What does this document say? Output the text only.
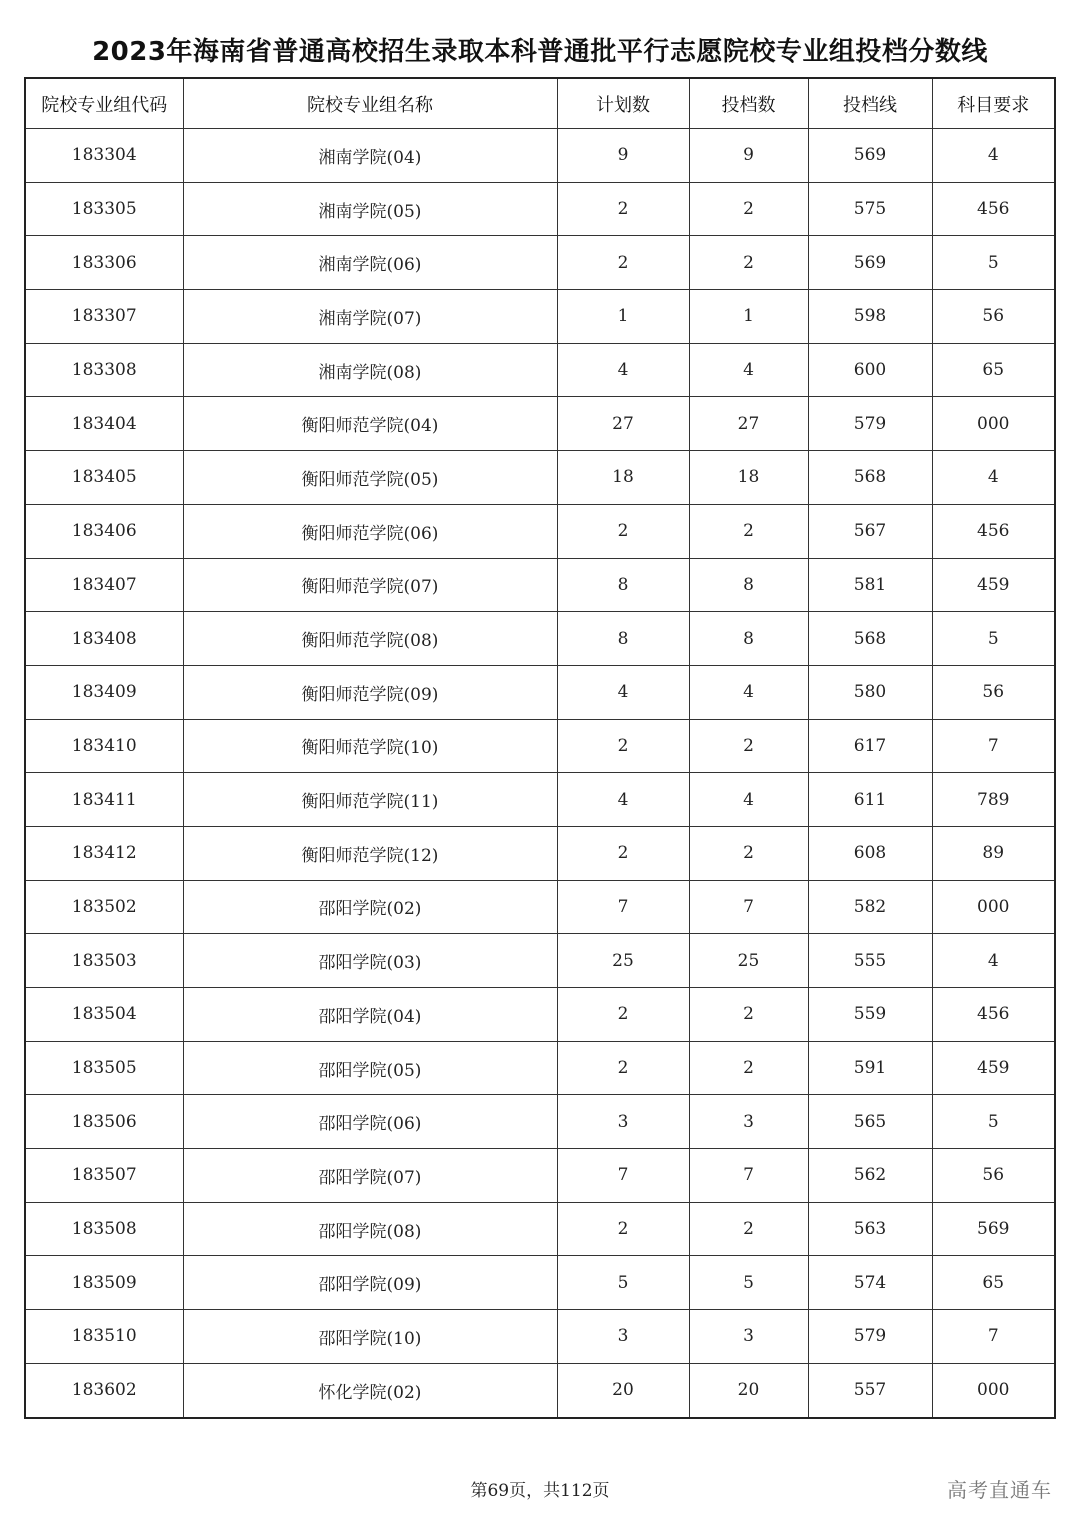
2023年海南省普通高校招生录取本科普通批平行志愿院校专业组投档分数线
院校专业组代码	院校专业组名称	计划数	投档数	投档线	科目要求
183304	湘南学院(04)	9	9	569	4
183305	湘南学院(05)	2	2	575	456
183306	湘南学院(06)	2	2	569	5
183307	湘南学院(07)	1	1	598	56
183308	湘南学院(08)	4	4	600	65
183404	衡阳师范学院(04)	27	27	579	000
183405	衡阳师范学院(05)	18	18	568	4
183406	衡阳师范学院(06)	2	2	567	456
183407	衡阳师范学院(07)	8	8	581	459
183408	衡阳师范学院(08)	8	8	568	5
183409	衡阳师范学院(09)	4	4	580	56
183410	衡阳师范学院(10)	2	2	617	7
183411	衡阳师范学院(11)	4	4	611	789
183412	衡阳师范学院(12)	2	2	608	89
183502	邵阳学院(02)	7	7	582	000
183503	邵阳学院(03)	25	25	555	4
183504	邵阳学院(04)	2	2	559	456
183505	邵阳学院(05)	2	2	591	459
183506	邵阳学院(06)	3	3	565	5
183507	邵阳学院(07)	7	7	562	56
183508	邵阳学院(08)	2	2	563	569
183509	邵阳学院(09)	5	5	574	65
183510	邵阳学院(10)	3	3	579	7
183602	怀化学院(02)	20	20	557	000
第69页，共112页	高考直通车
